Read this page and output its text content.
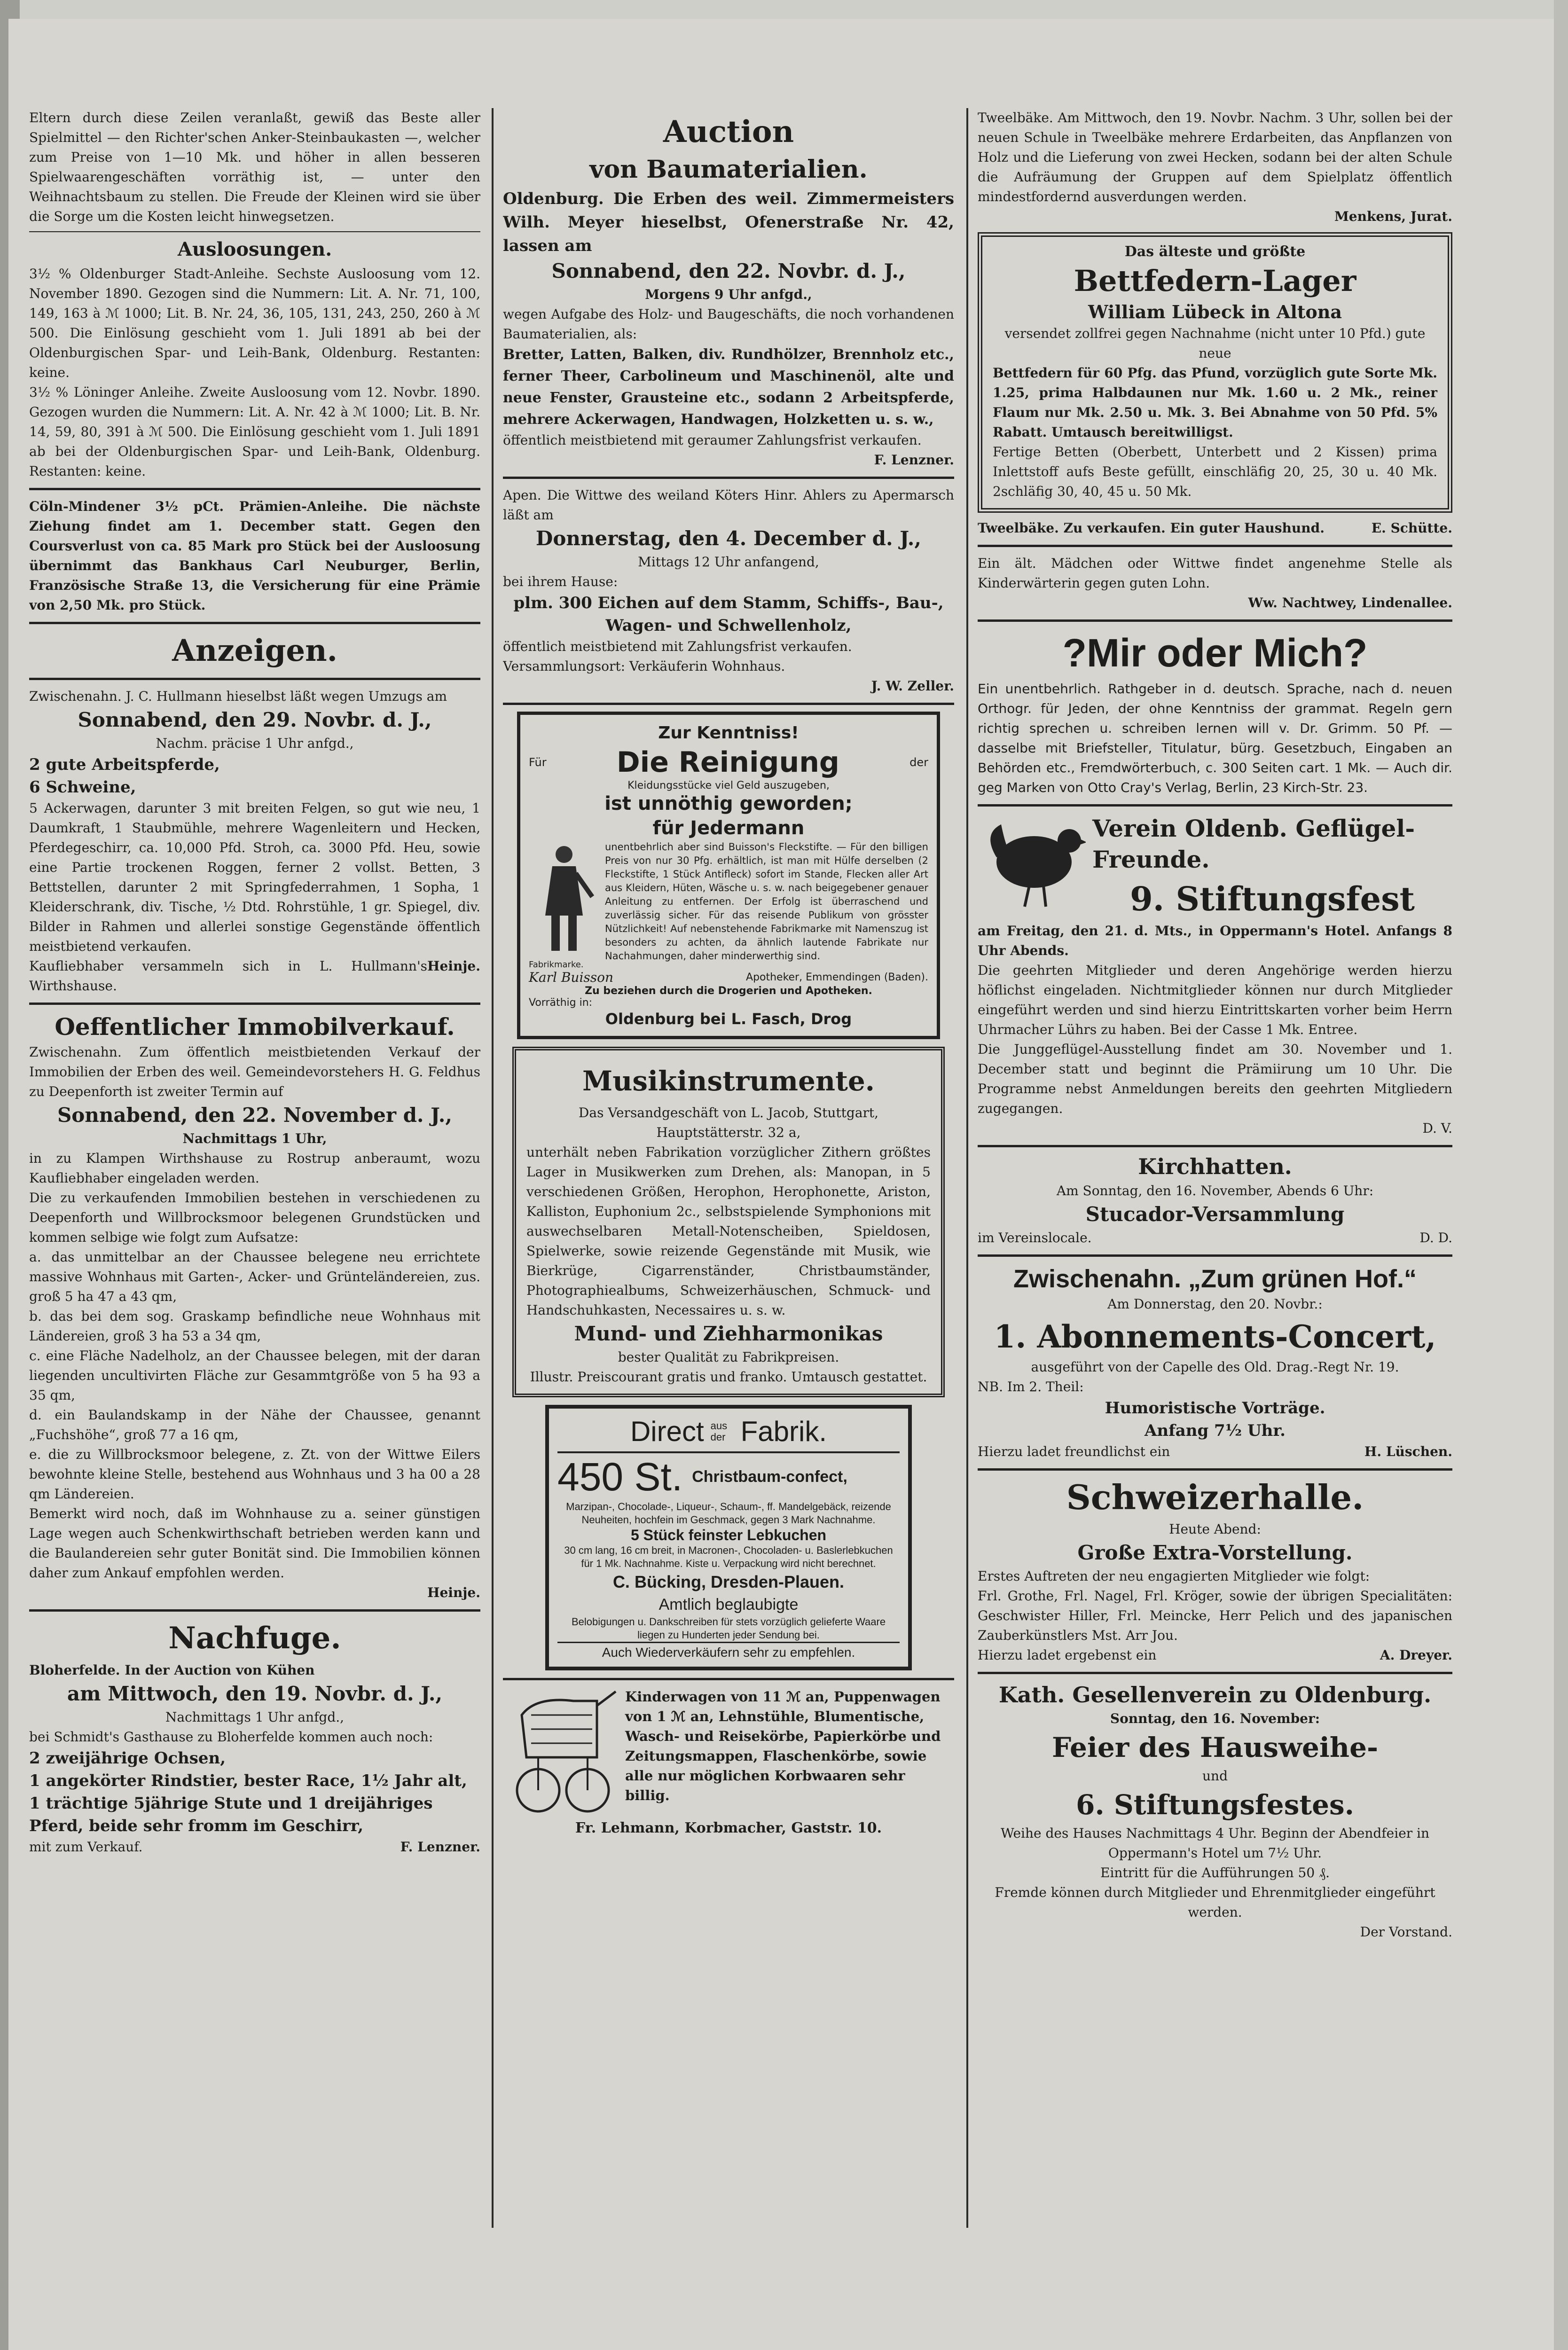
Eltern durch diese Zeilen veranlaßt, gewiß das Beste aller Spielmittel — den Richter'schen Anker-Steinbaukasten —, welcher zum Preise von 1—10 Mk. und höher in allen besseren Spielwaarengeschäften vorräthig ist, — unter den Weihnachtsbaum zu stellen. Die Freude der Kleinen wird sie über die Sorge um die Kosten leicht hinwegsetzen.

Ausloosungen.

3½ % Oldenburger Stadt-Anleihe. Sechste Ausloosung vom 12. November 1890. Gezogen sind die Nummern: Lit. A. Nr. 71, 100, 149, 163 à ℳ 1000; Lit. B. Nr. 24, 36, 105, 131, 243, 250, 260 à ℳ 500. Die Einlösung geschieht vom 1. Juli 1891 ab bei der Oldenburgischen Spar- und Leih-Bank, Oldenburg. Restanten: keine.

3½ % Löninger Anleihe. Zweite Ausloosung vom 12. Novbr. 1890. Gezogen wurden die Nummern: Lit. A. Nr. 42 à ℳ 1000; Lit. B. Nr. 14, 59, 80, 391 à ℳ 500. Die Einlösung geschieht vom 1. Juli 1891 ab bei der Oldenburgischen Spar- und Leih-Bank, Oldenburg. Restanten: keine.

Cöln-Mindener 3½ pCt. Prämien-Anleihe. Die nächste Ziehung findet am 1. December statt. Gegen den Coursverlust von ca. 85 Mark pro Stück bei der Ausloosung übernimmt das Bankhaus Carl Neuburger, Berlin, Französische Straße 13, die Versicherung für eine Prämie von 2,50 Mk. pro Stück.

Anzeigen.

Zwischenahn. J. C. Hullmann hieselbst läßt wegen Umzugs am

Sonnabend, den 29. Novbr. d. J.,

Nachm. präcise 1 Uhr anfgd.,

2 gute Arbeitspferde,
6 Schweine,

5 Ackerwagen, darunter 3 mit breiten Felgen, so gut wie neu, 1 Daumkraft, 1 Staubmühle, mehrere Wagenleitern und Hecken, Pferdegeschirr, ca. 10,000 Pfd. Stroh, ca. 3000 Pfd. Heu, sowie eine Partie trockenen Roggen, ferner 2 vollst. Betten, 3 Bettstellen, darunter 2 mit Springfederrahmen, 1 Sopha, 1 Kleiderschrank, div. Tische, ½ Dtd. Rohrstühle, 1 gr. Spiegel, div. Bilder in Rahmen und allerlei sonstige Gegenstände öffentlich meistbietend verkaufen.

Kaufliebhaber versammeln sich in L. Hullmann's Wirthshause.

Heinje.

Oeffentlicher Immobilverkauf.

Zwischenahn. Zum öffentlich meistbietenden Verkauf der Immobilien der Erben des weil. Gemeindevorstehers H. G. Feldhus zu Deepenforth ist zweiter Termin auf

Sonnabend, den 22. November d. J.,

Nachmittags 1 Uhr,

in zu Klampen Wirthshause zu Rostrup anberaumt, wozu Kaufliebhaber eingeladen werden.

Die zu verkaufenden Immobilien bestehen in verschiedenen zu Deepenforth und Willbrocksmoor belegenen Grundstücken und kommen selbige wie folgt zum Aufsatze:

a. das unmittelbar an der Chaussee belegene neu errichtete massive Wohnhaus mit Garten-, Acker- und Grünteländereien, zus. groß 5 ha 47 a 43 qm,

b. das bei dem sog. Graskamp befindliche neue Wohnhaus mit Ländereien, groß 3 ha 53 a 34 qm,

c. eine Fläche Nadelholz, an der Chaussee belegen, mit der daran liegenden uncultivirten Fläche zur Gesammtgröße von 5 ha 93 a 35 qm,

d. ein Baulandskamp in der Nähe der Chaussee, genannt „Fuchshöhe“, groß 77 a 16 qm,

e. die zu Willbrocksmoor belegene, z. Zt. von der Wittwe Eilers bewohnte kleine Stelle, bestehend aus Wohnhaus und 3 ha 00 a 28 qm Ländereien.

Bemerkt wird noch, daß im Wohnhause zu a. seiner günstigen Lage wegen auch Schenkwirthschaft betrieben werden kann und die Baulandereien sehr guter Bonität sind. Die Immobilien können daher zum Ankauf empfohlen werden.

Heinje.

Nachfuge.

Bloherfelde. In der Auction von Kühen

am Mittwoch, den 19. Novbr. d. J.,

Nachmittags 1 Uhr anfgd.,

bei Schmidt's Gasthause zu Bloherfelde kommen auch noch:

2 zweijährige Ochsen,
1 angekörter Rindstier, bester Race, 1½ Jahr alt,
1 trächtige 5jährige Stute und 1 dreijähriges Pferd, beide sehr fromm im Geschirr,

mit zum Verkauf.	F. Lenzner.

Auction
von Baumaterialien.

Oldenburg. Die Erben des weil. Zimmermeisters Wilh. Meyer hieselbst, Ofenerstraße Nr. 42, lassen am

Sonnabend, den 22. Novbr. d. J.,

Morgens 9 Uhr anfgd.,

wegen Aufgabe des Holz- und Baugeschäfts, die noch vorhandenen Baumaterialien, als:

Bretter, Latten, Balken, div. Rundhölzer, Brennholz etc., ferner Theer, Carbolineum und Maschinenöl, alte und neue Fenster, Grausteine etc., sodann 2 Arbeitspferde, mehrere Ackerwagen, Handwagen, Holzketten u. s. w.,

öffentlich meistbietend mit geraumer Zahlungsfrist verkaufen.

F. Lenzner.

Apen. Die Wittwe des weiland Köters Hinr. Ahlers zu Apermarsch läßt am

Donnerstag, den 4. December d. J.,

Mittags 12 Uhr anfangend,

bei ihrem Hause:

plm. 300 Eichen auf dem Stamm, Schiffs-, Bau-, Wagen- und Schwellenholz,

öffentlich meistbietend mit Zahlungsfrist verkaufen.

Versammlungsort: Verkäuferin Wohnhaus.

J. W. Zeller.

Zur Kenntniss!
Für Die Reinigung	der
Kleidungsstücke viel Geld auszugeben,
ist unnöthig geworden;
für Jedermann
Fabrikmarke.

unentbehrlich aber sind Buisson's Fleckstifte. — Für den billigen Preis von nur 30 Pfg. erhältlich, ist man mit Hülfe derselben (2 Fleckstifte, 1 Stück Antifleck) sofort im Stande, Flecken aller Art aus Kleidern, Hüten, Wäsche u. s. w. nach beigegebener genauer Anleitung zu entfernen. Der Erfolg ist überraschend und zuverlässig sicher. Für das reisende Publikum von grösster Nützlichkeit! Auf nebenstehende Fabrikmarke mit Namenszug ist besonders zu achten, da ähnlich lautende Fabrikate nur Nachahmungen, daher minderwerthig sind.

Karl Buisson	Apotheker, Emmendingen (Baden).
Zu beziehen durch die Drogerien und Apotheken.
Vorräthig in:
Oldenburg bei L. Fasch, Drog
Musikinstrumente.

Das Versandgeschäft von L. Jacob, Stuttgart, Hauptstätterstr. 32 a,

unterhält neben Fabrikation vorzüglicher Zithern größtes Lager in Musikwerken zum Drehen, als: Manopan, in 5 verschiedenen Größen, Herophon, Herophonette, Ariston, Kalliston, Euphonium 2c., selbstspielende Symphonions mit auswechselbaren Metall-Notenscheiben, Spieldosen, Spielwerke, sowie reizende Gegenstände mit Musik, wie Bierkrüge, Cigarrenständer, Christbaumständer, Photographiealbums, Schweizerhäuschen, Schmuck- und Handschuhkasten, Necessaires u. s. w.

Mund- und Ziehharmonikas

bester Qualität zu Fabrikpreisen.

Illustr. Preiscourant gratis und franko. Umtausch gestattet.

Direct aus der Fabrik.
450 St. Christbaum-confect,

Marzipan-, Chocolade-, Liqueur-, Schaum-, ff. Mandelgebäck, reizende Neuheiten, hochfein im Geschmack, gegen 3 Mark Nachnahme.

5 Stück feinster Lebkuchen

30 cm lang, 16 cm breit, in Macronen-, Chocoladen- u. Baslerlebkuchen für 1 Mk. Nachnahme. Kiste u. Verpackung wird nicht berechnet.

C. Bücking, Dresden-Plauen.
Amtlich beglaubigte

Belobigungen u. Dankschreiben für stets vorzüglich gelieferte Waare liegen zu Hunderten jeder Sendung bei.

Auch Wiederverkäufern sehr zu empfehlen.

Kinderwagen von 11 ℳ an, Puppenwagen von 1 ℳ an, Lehnstühle, Blumentische, Wasch- und Reisekörbe, Papierkörbe und Zeitungsmappen, Flaschenkörbe, sowie alle nur möglichen Korbwaaren sehr billig.

Fr. Lehmann, Korbmacher, Gaststr. 10.

Tweelbäke. Am Mittwoch, den 19. Novbr. Nachm. 3 Uhr, sollen bei der neuen Schule in Tweelbäke mehrere Erdarbeiten, das Anpflanzen von Holz und die Lieferung von zwei Hecken, sodann bei der alten Schule die Aufräumung der Gruppen auf dem Spielplatz öffentlich mindestfordernd ausverdungen werden.

Menkens, Jurat.

Das älteste und größte
Bettfedern-Lager
William Lübeck in Altona

versendet zollfrei gegen Nachnahme (nicht unter 10 Pfd.) gute neue

Bettfedern für 60 Pfg. das Pfund, vorzüglich gute Sorte Mk. 1.25, prima Halbdaunen nur Mk. 1.60 u. 2 Mk., reiner Flaum nur Mk. 2.50 u. Mk. 3. Bei Abnahme von 50 Pfd. 5% Rabatt. Umtausch bereitwilligst.

Fertige Betten (Oberbett, Unterbett und 2 Kissen) prima Inlettstoff aufs Beste gefüllt, einschläfig 20, 25, 30 u. 40 Mk. 2schläfig 30, 40, 45 u. 50 Mk.

Tweelbäke. Zu verkaufen. Ein guter Haushund.	E. Schütte.

Ein ält. Mädchen oder Wittwe findet angenehme Stelle als Kinderwärterin gegen guten Lohn.

Ww. Nachtwey, Lindenallee.

?Mir oder Mich?

Ein unentbehrlich. Rathgeber in d. deutsch. Sprache, nach d. neuen Orthogr. für Jeden, der ohne Kenntniss der grammat. Regeln gern richtig sprechen u. schreiben lernen will v. Dr. Grimm. 50 Pf. — dasselbe mit Briefsteller, Titulatur, bürg. Gesetzbuch, Eingaben an Behörden etc., Fremdwörterbuch, c. 300 Seiten cart. 1 Mk. — Auch dir. geg Marken von Otto Cray's Verlag, Berlin, 23 Kirch-Str. 23.

Verein Oldenb. Geflügel-Freunde.
9. Stiftungsfest

am Freitag, den 21. d. Mts., in Oppermann's Hotel. Anfangs 8 Uhr Abends.

Die geehrten Mitglieder und deren Angehörige werden hierzu höflichst eingeladen. Nichtmitglieder können nur durch Mitglieder eingeführt werden und sind hierzu Eintrittskarten vorher beim Herrn Uhrmacher Lührs zu haben. Bei der Casse 1 Mk. Entree.

Die Junggeflügel-Ausstellung findet am 30. November und 1. December statt und beginnt die Prämiirung um 10 Uhr. Die Programme nebst Anmeldungen bereits den geehrten Mitgliedern zugegangen.

D. V.

Kirchhatten.

Am Sonntag, den 16. November, Abends 6 Uhr:

Stucador-Versammlung

im Vereinslocale.	D. D.

Zwischenahn. „Zum grünen Hof.“

Am Donnerstag, den 20. Novbr.:

1. Abonnements-Concert,

ausgeführt von der Capelle des Old. Drag.-Regt Nr. 19.

NB. Im 2. Theil:

Humoristische Vorträge.
Anfang 7½ Uhr.

Hierzu ladet freundlichst ein	H. Lüschen.

Schweizerhalle.

Heute Abend:

Große Extra-Vorstellung.

Erstes Auftreten der neu engagierten Mitglieder wie folgt:

Frl. Grothe, Frl. Nagel, Frl. Kröger, sowie der übrigen Specialitäten: Geschwister Hiller, Frl. Meincke, Herr Pelich und des japanischen Zauberkünstlers Mst. Arr Jou.

Hierzu ladet ergebenst ein	A. Dreyer.

Kath. Gesellenverein zu Oldenburg.

Sonntag, den 16. November:

Feier des Hausweihe-

und

6. Stiftungsfestes.

Weihe des Hauses Nachmittags 4 Uhr. Beginn der Abendfeier in Oppermann's Hotel um 7½ Uhr.

Eintritt für die Aufführungen 50 ₰.

Fremde können durch Mitglieder und Ehrenmitglieder eingeführt werden.

Der Vorstand.
